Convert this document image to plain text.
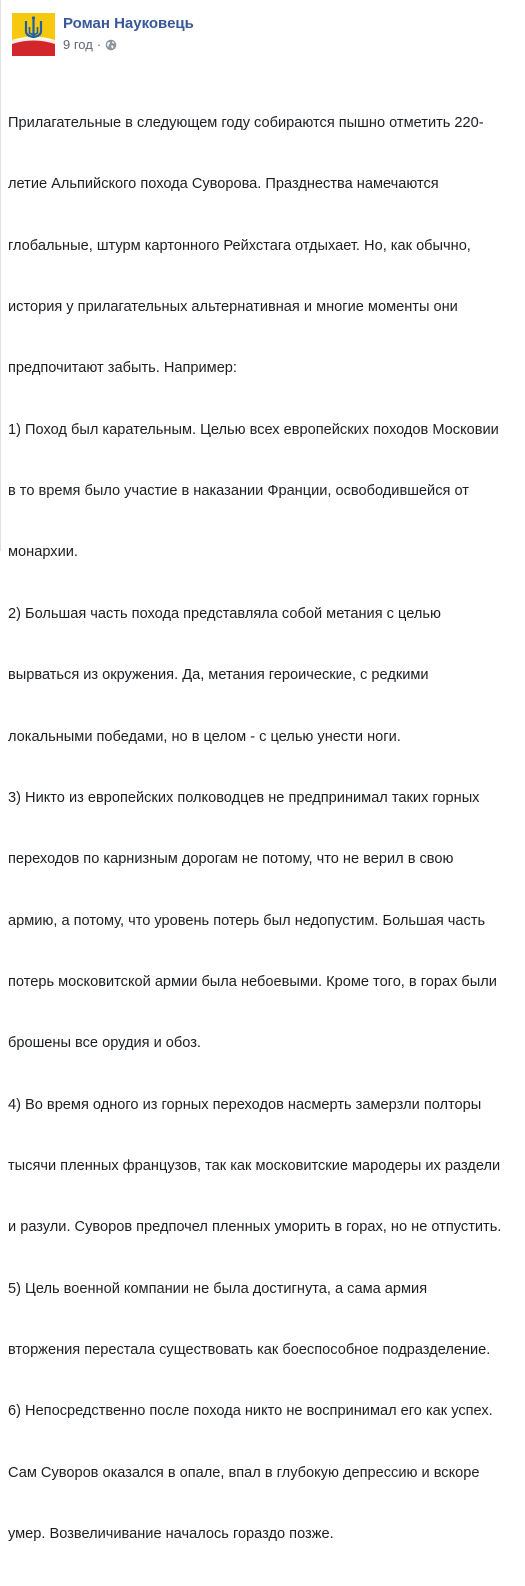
Роман Науковець
9 год ·

Прилагательные в следующем году собираются пышно отметить 220-

летие Альпийского похода Суворова. Празднества намечаются

глобальные, штурм картонного Рейхстага отдыхает. Но, как обычно,

история у прилагательных альтернативная и многие моменты они

предпочитают забыть. Например:

1) Поход был карательным. Целью всех европейских походов Московии

в то время было участие в наказании Франции, освободившейся от

монархии.

2) Большая часть похода представляла собой метания с целью

вырваться из окружения. Да, метания героические, с редкими

локальными победами, но в целом - с целью унести ноги.

3) Никто из европейских полководцев не предпринимал таких горных

переходов по карнизным дорогам не потому, что не верил в свою

армию, а потому, что уровень потерь был недопустим. Большая часть

потерь московитской армии была небоевыми. Кроме того, в горах были

брошены все орудия и обоз.

4) Во время одного из горных переходов насмерть замерзли полторы

тысячи пленных французов, так как московитские мародеры их раздели

и разули. Суворов предпочел пленных уморить в горах, но не отпустить.

5) Цель военной компании не была достигнута, а сама армия

вторжения перестала существовать как боеспособное подразделение.

6) Непосредственно после похода никто не воспринимал его как успех.

Сам Суворов оказался в опале, впал в глубокую депрессию и вскоре

умер. Возвеличивание началось гораздо позже.
